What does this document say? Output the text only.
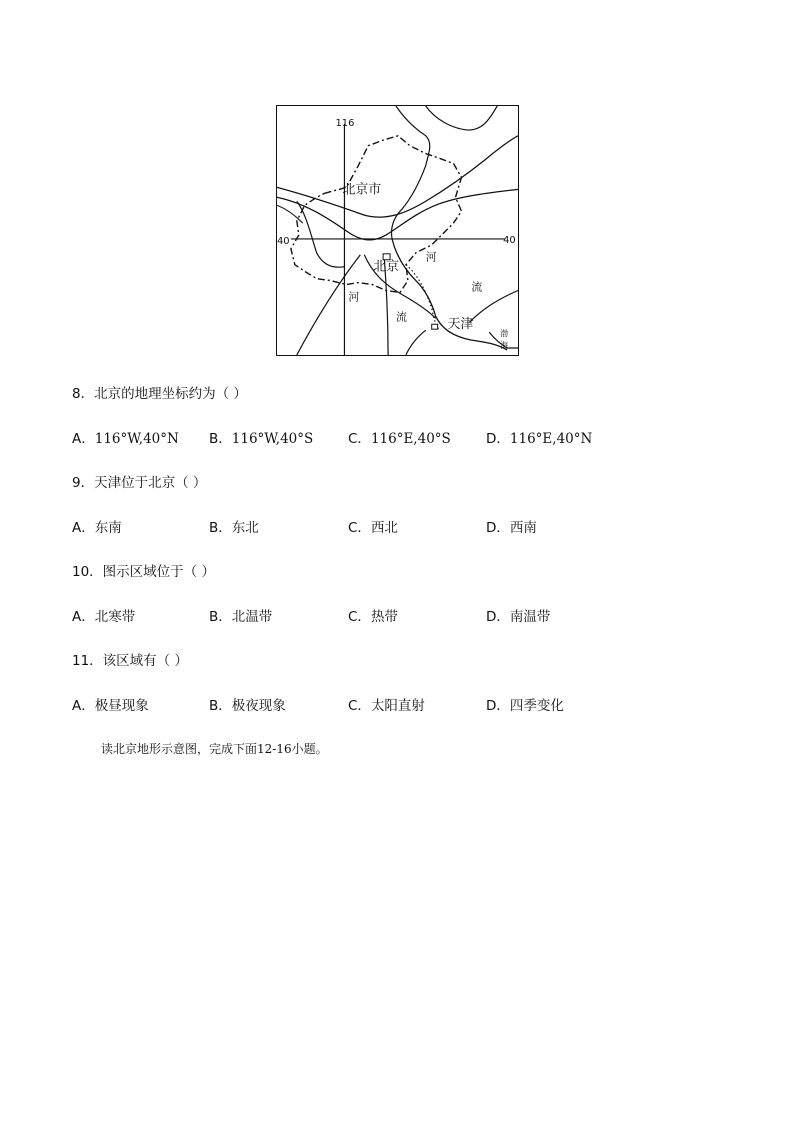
116
40	40
北京市
北京
天津
河
流
河
流
渤
海
8．北京的地理坐标约为（ ）
A．116°W,40°N B．116°W,40°S	C．116°E,40°S	D．116°E,40°N
9．天津位于北京（ ）
A．东南	B．东北	C．西北	D．西南
10．图示区域位于（ ）
A．北寒带	B．北温带	C．热带	D．南温带
11．该区域有（ ）
A．极昼现象	B．极夜现象	C．太阳直射	D．四季变化
读北京地形示意图，完成下面12-16小题。
